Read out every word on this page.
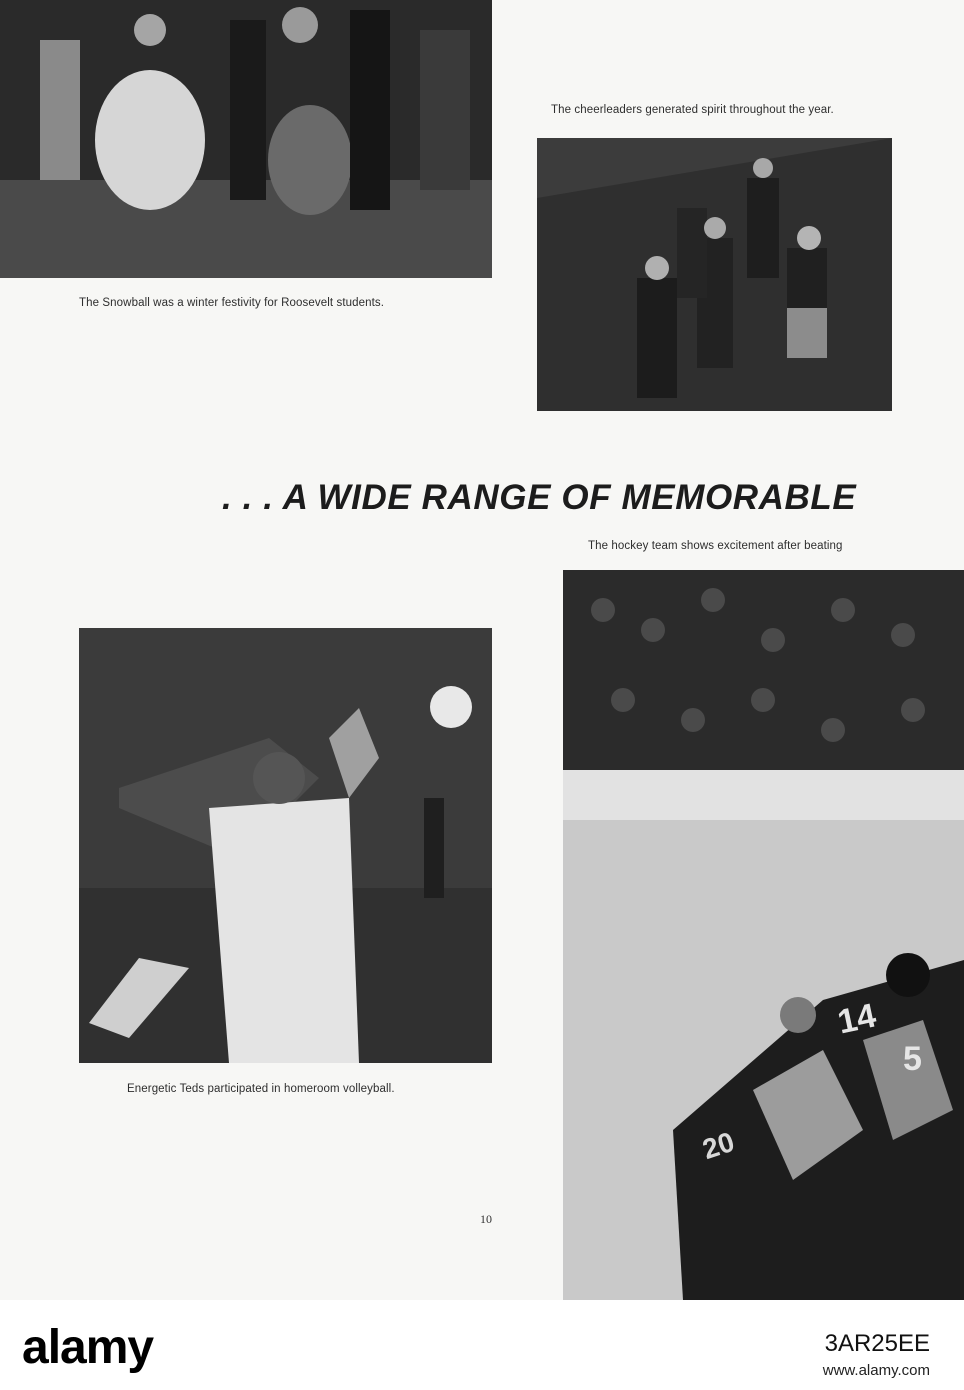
The Snowball was a winter festivity for Roosevelt students.
The cheerleaders generated spirit throughout the year.
. . . A WIDE RANGE OF MEMORABLE
The hockey team shows excitement after beating
14
5
20
Energetic Teds participated in homeroom volleyball.
10
alamy	3AR25EE
www.alamy.com
